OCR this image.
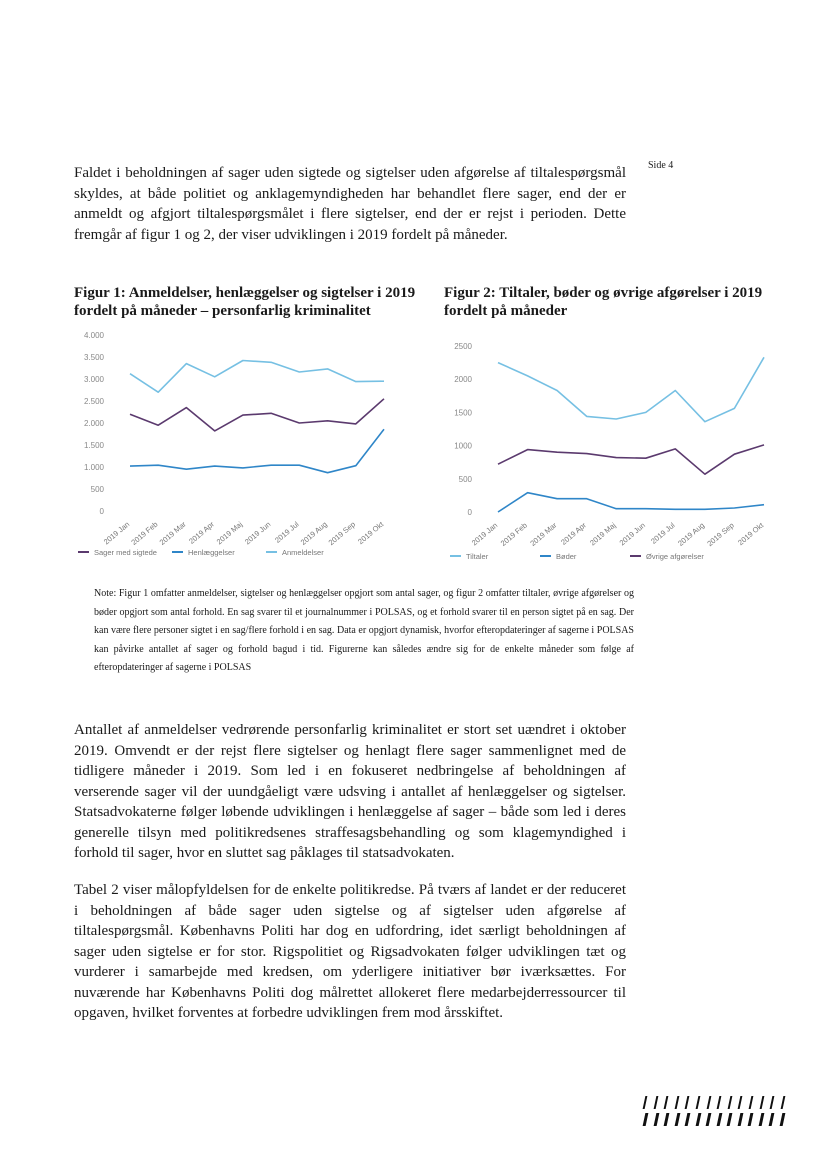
Side 4

Faldet i beholdningen af sager uden sigtede og sigtelser uden afgørelse af tiltalespørgsmål skyldes, at både politiet og anklagemyndigheden har behandlet flere sager, end der er anmeldt og afgjort tiltalespørgsmålet i flere sigtelser, end der er rejst i perioden. Dette fremgår af figur 1 og 2, der viser udviklingen i 2019 fordelt på måneder.

Figur 1: Anmeldelser, henlæggelser og sigtelser i 2019 fordelt på måneder – personfarlig kriminalitet
Figur 2: Tiltaler, bøder og øvrige afgørelser i 2019 fordelt på måneder
4.000
3.500
3.000
2.500
2.000
1.500
1.000
500
0
2019 Jan
2019 Feb
2019 Mar 2019 Apr
2019 Maj
2019 Jun 2019 Jul
2019 Aug
2019 Sep 2019 Okt
Sager med sigtede	Henlæggelser	Anmeldelser
2500
2000
1500
1000
500
0
2019 Jan 2019 Feb 2019 Mar 2019 Apr 2019 Maj 2019 Jun 2019 Jul 2019 Aug 2019 Sep 2019 Okt
Tiltaler	Bøder	Øvrige afgørelser

Note: Figur 1 omfatter anmeldelser, sigtelser og henlæggelser opgjort som antal sager, og figur 2 omfatter tiltaler, øvrige afgørelser og bøder opgjort som antal forhold. En sag svarer til et journalnummer i POLSAS, og et forhold svarer til en person sigtet på en sag. Der kan være flere personer sigtet i en sag/flere forhold i en sag. Data er opgjort dynamisk, hvorfor efteropdateringer af sagerne i POLSAS kan påvirke antallet af sager og forhold bagud i tid. Figurerne kan således ændre sig for de enkelte måneder som følge af efteropdateringer af sagerne i POLSAS

Antallet af anmeldelser vedrørende personfarlig kriminalitet er stort set uændret i oktober 2019. Omvendt er der rejst flere sigtelser og henlagt flere sager sammenlignet med de tidligere måneder i 2019. Som led i en fokuseret nedbringelse af beholdningen af verserende sager vil der uundgåeligt være udsving i antallet af henlæggelser og sigtelser. Statsadvokaterne følger løbende udviklingen i henlæggelse af sager – både som led i deres generelle tilsyn med politikredsenes straffesagsbehandling og som klagemyndighed i forhold til sager, hvor en sluttet sag påklages til statsadvokaten.

Tabel 2 viser målopfyldelsen for de enkelte politikredse. På tværs af landet er der reduceret i beholdningen af både sager uden sigtelse og af sigtelser uden afgørelse af tiltalespørgsmål. Københavns Politi har dog en udfordring, idet særligt beholdningen af sager uden sigtelse er for stor. Rigspolitiet og Rigsadvokaten følger udviklingen tæt og vurderer i samarbejde med kredsen, om yderligere initiativer bør iværksættes. For nuværende har Københavns Politi dog målrettet allokeret flere medarbejderressourcer til opgaven, hvilket forventes at forbedre udviklingen frem mod årsskiftet.
